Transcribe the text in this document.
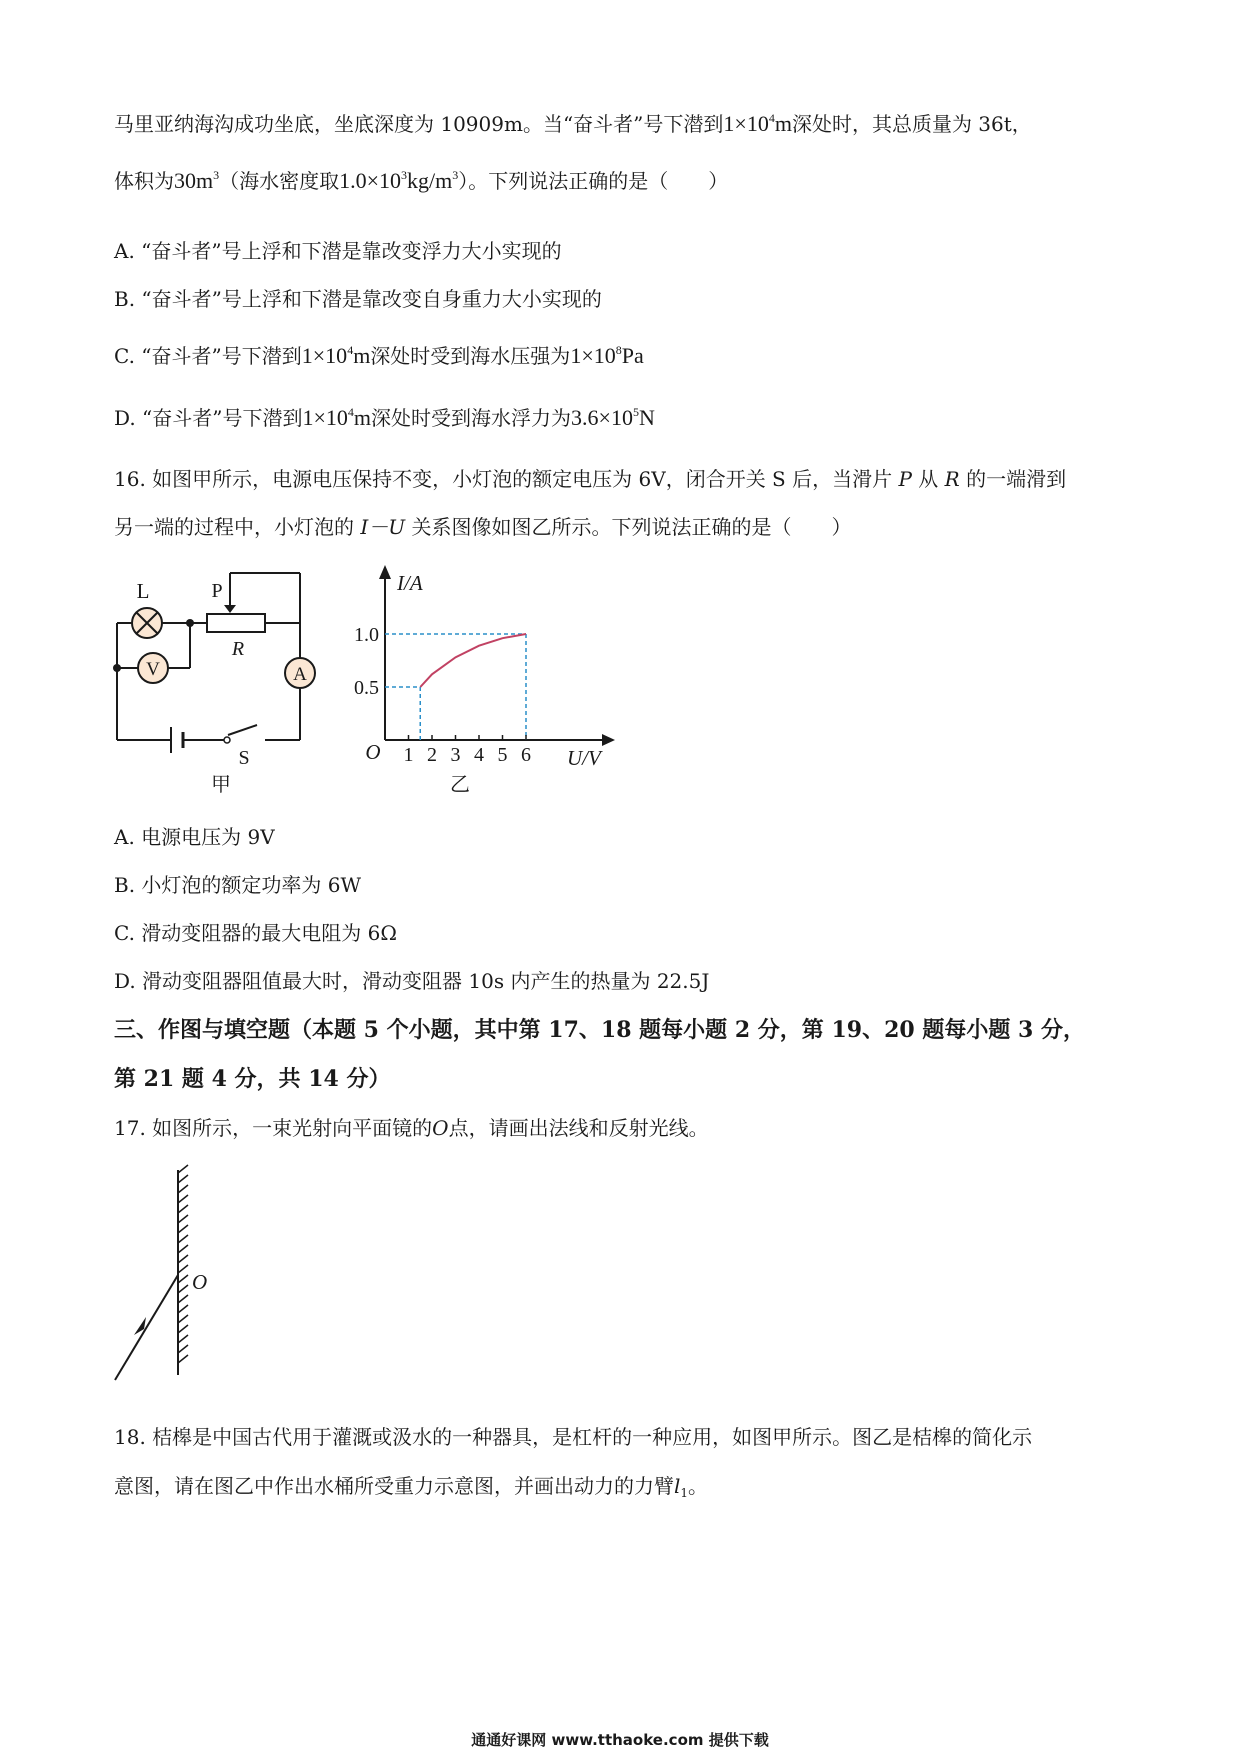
马里亚纳海沟成功坐底，坐底深度为 10909m。当“奋斗者”号下潜到$1\times 10^4m$深处时，其总质量为 36t，
体积为$30m^3$（海水密度取$1.0\times 10^3kg/m^3$）。下列说法正确的是（　　）
A. “奋斗者”号上浮和下潜是靠改变浮力大小实现的
B. “奋斗者”号上浮和下潜是靠改变自身重力大小实现的
C. “奋斗者”号下潜到$1\times 10^4m$深处时受到海水压强为$1\times 10^8Pa$
D. “奋斗者”号下潜到$1\times 10^4m$深处时受到海水浮力为$3.6\times 10^5N$
16. 如图甲所示，电源电压保持不变，小灯泡的额定电压为 6V，闭合开关 S 后，当滑片 P 从 R 的一端滑到
另一端的过程中，小灯泡的 I－U 关系图像如图乙所示。下列说法正确的是（　　）
V	A
L	P
R
S
甲
1 2 3 4 5 6
1.0
0.5
I/A
U/V
O
乙
A. 电源电压为 9V
B. 小灯泡的额定功率为 6W
C. 滑动变阻器的最大电阻为 6Ω
D. 滑动变阻器阻值最大时，滑动变阻器 10s 内产生的热量为 22.5J
三、作图与填空题（本题 5 个小题，其中第 17、18 题每小题 2 分，第 19、20 题每小题 3 分，
第 21 题 4 分，共 14 分）
17. 如图所示，一束光射向平面镜的O点，请画出法线和反射光线。
O
18. 桔槔是中国古代用于灌溉或汲水的一种器具，是杠杆的一种应用，如图甲所示。图乙是桔槔的简化示
意图，请在图乙中作出水桶所受重力示意图，并画出动力的力臂$l_1$。
通通好课网 www.tthaoke.com 提供下载
